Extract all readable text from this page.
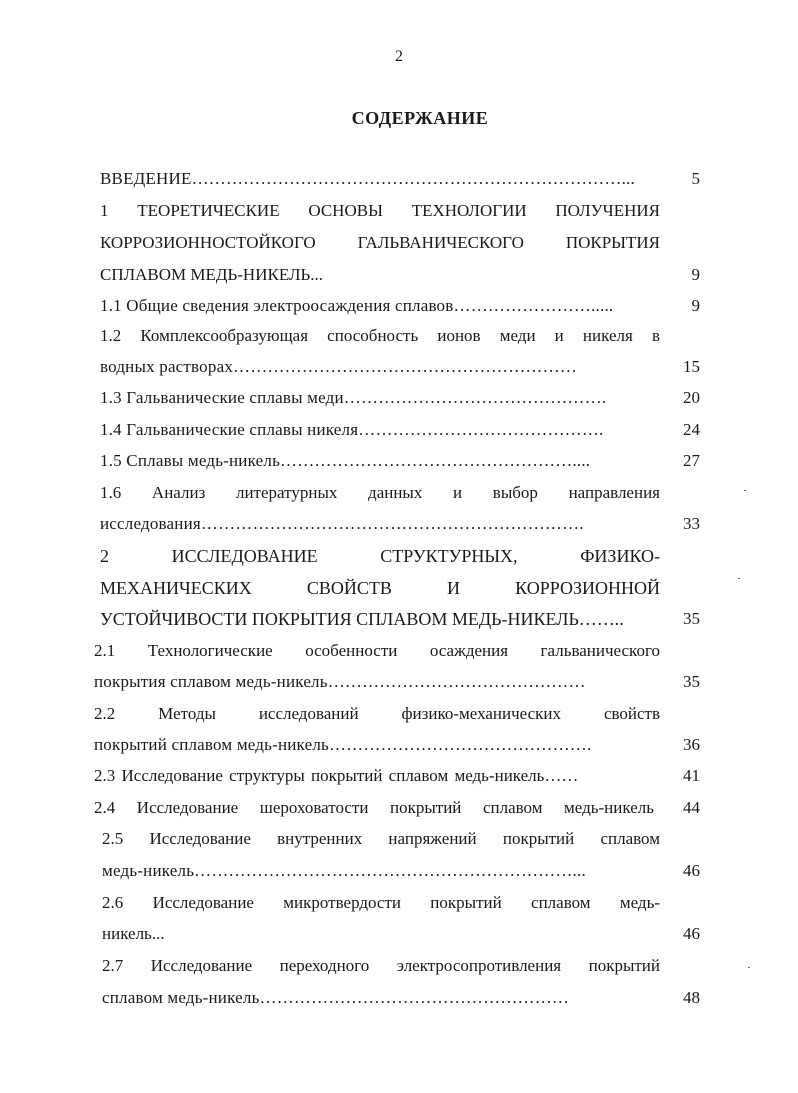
2
СОДЕРЖАНИЕ
ВВЕДЕНИЕ…………………………………………………………………...	5
1 ТЕОРЕТИЧЕСКИЕ ОСНОВЫ ТЕХНОЛОГИИ ПОЛУЧЕНИЯ
КОРРОЗИОННОСТОЙКОГО ГАЛЬВАНИЧЕСКОГО ПОКРЫТИЯ
СПЛАВОМ МЕДЬ-НИКЕЛЬ...	9
1.1 Общие сведения электроосаждения сплавов…………………….....	9
1.2 Комплексообразующая способность ионов меди и никеля в
водных растворах……………………………………………………	15
1.3 Гальванические сплавы меди……………………………………….	20
1.4 Гальванические сплавы никеля…………………………………….	24
1.5 Сплавы медь-никель……………………………………………....	27
1.6 Анализ литературных данных и выбор направления
исследования………………………………………………………….	33
2 ИССЛЕДОВАНИЕ СТРУКТУРНЫХ, ФИЗИКО-
МЕХАНИЧЕСКИХ СВОЙСТВ И КОРРОЗИОННОЙ
УСТОЙЧИВОСТИ ПОКРЫТИЯ СПЛАВОМ МЕДЬ-НИКЕЛЬ……..	35
2.1 Технологические особенности осаждения гальванического
покрытия сплавом медь-никель………………………………………	35
2.2 Методы исследований физико-механических свойств
покрытий сплавом медь-никель……………………………………….	36
2.3 Исследование структуры покрытий сплавом медь-никель……	41
2.4 Исследование шероховатости покрытий сплавом медь-никель	44
2.5 Исследование внутренних напряжений покрытий сплавом
медь-никель…………………………………………………………...	46
2.6 Исследование микротвердости покрытий сплавом медь-
никель...	46
2.7 Исследование переходного электросопротивления покрытий
сплавом медь-никель………………………………………………	48
